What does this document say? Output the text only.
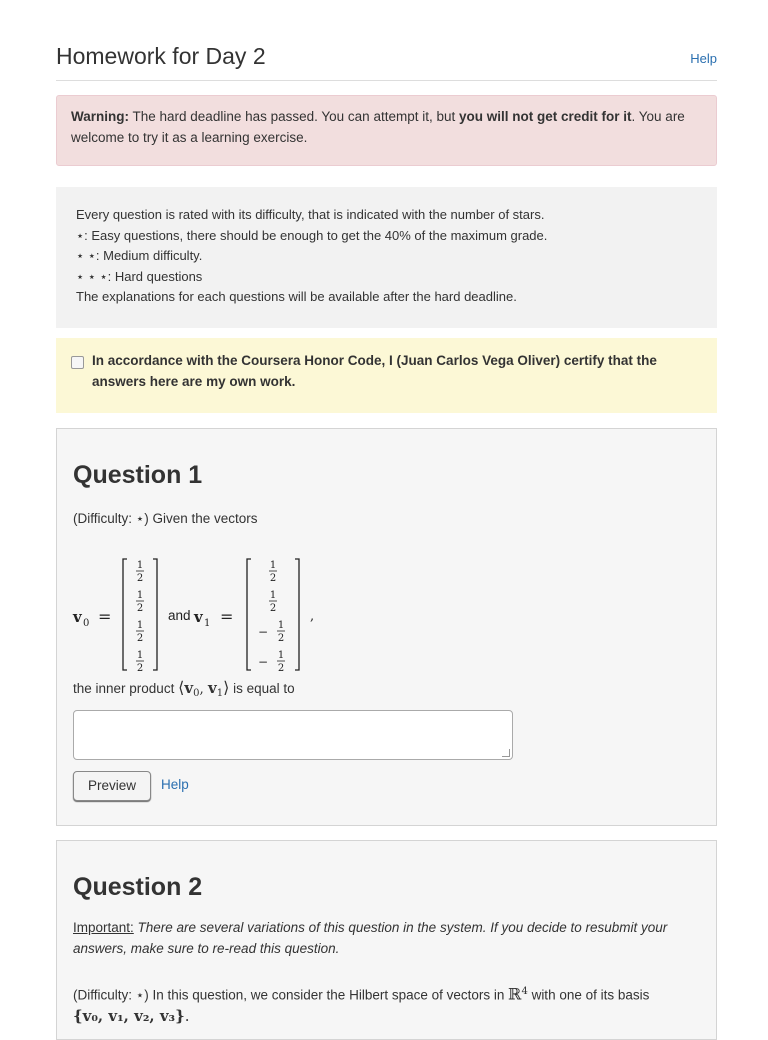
Homework for Day 2	Help
Warning: The hard deadline has passed. You can attempt it, but you will not get credit for it. You are welcome to try it as a learning exercise.
Every question is rated with its difficulty, that is indicated with the number of stars.
⋆: Easy questions, there should be enough to get the 40% of the maximum grade.
⋆ ⋆: Medium difficulty.
⋆ ⋆ ⋆: Hard questions
The explanations for each questions will be available after the hard deadline.
In accordance with the Coursera Honor Code, I (Juan Carlos Vega Oliver) certify that the answers here are my own work.
Question 1
(Difficulty: ⋆) Given the vectors
v 0 =
1
2
1
2
1
2
1
2
and v 1 =
1
2
1
2
− 1
2
− 1
2
,
the inner product $⟨v_0$, $v_1⟩$ is equal to
Preview	Help
Question 2
Important: There are several variations of this question in the system. If you decide to resubmit your answers, make sure to re-read this question.
(Difficulty: ⋆) In this question, we consider the Hilbert space of vectors in ℝ$^4$ with one of its basis
{v₀, v₁, v₂, v₃}.
